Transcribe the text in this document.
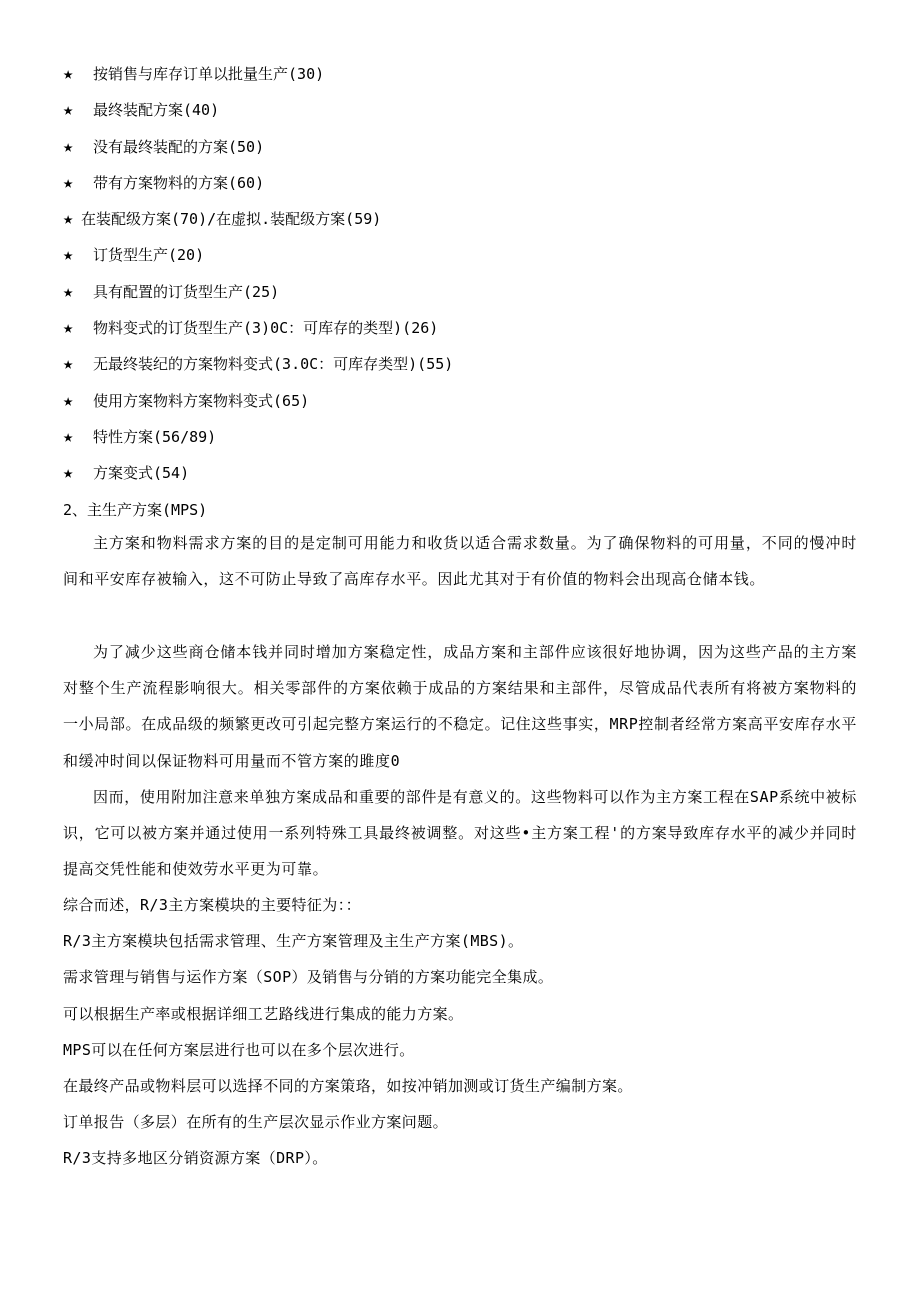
★ 按销售与库存订单以批量生产(30)
★ 最终装配方案(40)
★ 没有最终装配的方案(50)
★ 带有方案物料的方案(60)
★ 在装配级方案(70)/在虚拟.装配级方案(59)
★ 订货型生产(20)
★ 具有配置的订货型生产(25)
★ 物料变式的订货型生产(3)0C：可库存的类型)(26)
★ 无最终装纪的方案物料变式(3.0C：可库存类型)(55)
★ 使用方案物料方案物料变式(65)
★ 特性方案(56/89)
★ 方案变式(54)
2、主生产方案(MPS)

主方案和物料需求方案的目的是定制可用能力和收货以适合需求数量。为了确保物料的可用量，不同的慢冲时间和平安库存被输入，这不可防止导致了高库存水平。因此尤其对于有价值的物料会出现高仓储本钱。

为了减少这些商仓储本钱并同时增加方案稳定性，成品方案和主部件应该很好地协调，因为这些产品的主方案对整个生产流程影响很大。相关零部件的方案依赖于成品的方案结果和主部件，尽管成品代表所有将被方案物料的一小局部。在成品级的频繁更改可引起完整方案运行的不稳定。记住这些事实，MRP控制者经常方案高平安库存水平和缓冲时间以保证物料可用量而不管方案的雎度0

因而，使用附加注意来单独方案成品和重要的部件是有意义的。这些物料可以作为主方案工程在SAP系统中被标识，它可以被方案并通过使用一系列特殊工具最终被调整。对这些•主方案工程'的方案导致库存水平的减少并同时提高交凭性能和使效劳水平更为可靠。

综合而述，R/3主方案模块的主要特征为：：
R/3主方案模块包括需求管理、生产方案管理及主生产方案(MBS)。
需求管理与销售与运作方案（SOP）及销售与分销的方案功能完全集成。
可以根据生产率或根据详细工艺路线进行集成的能力方案。
MPS可以在任何方案层进行也可以在多个层次进行。
在最终产品或物料层可以选择不同的方案策珞，如按冲销加测或订货生产编制方案。
订单报告（多层）在所有的生产层次显示作业方案问题。
R/3支持多地区分销资源方案（DRP）。
